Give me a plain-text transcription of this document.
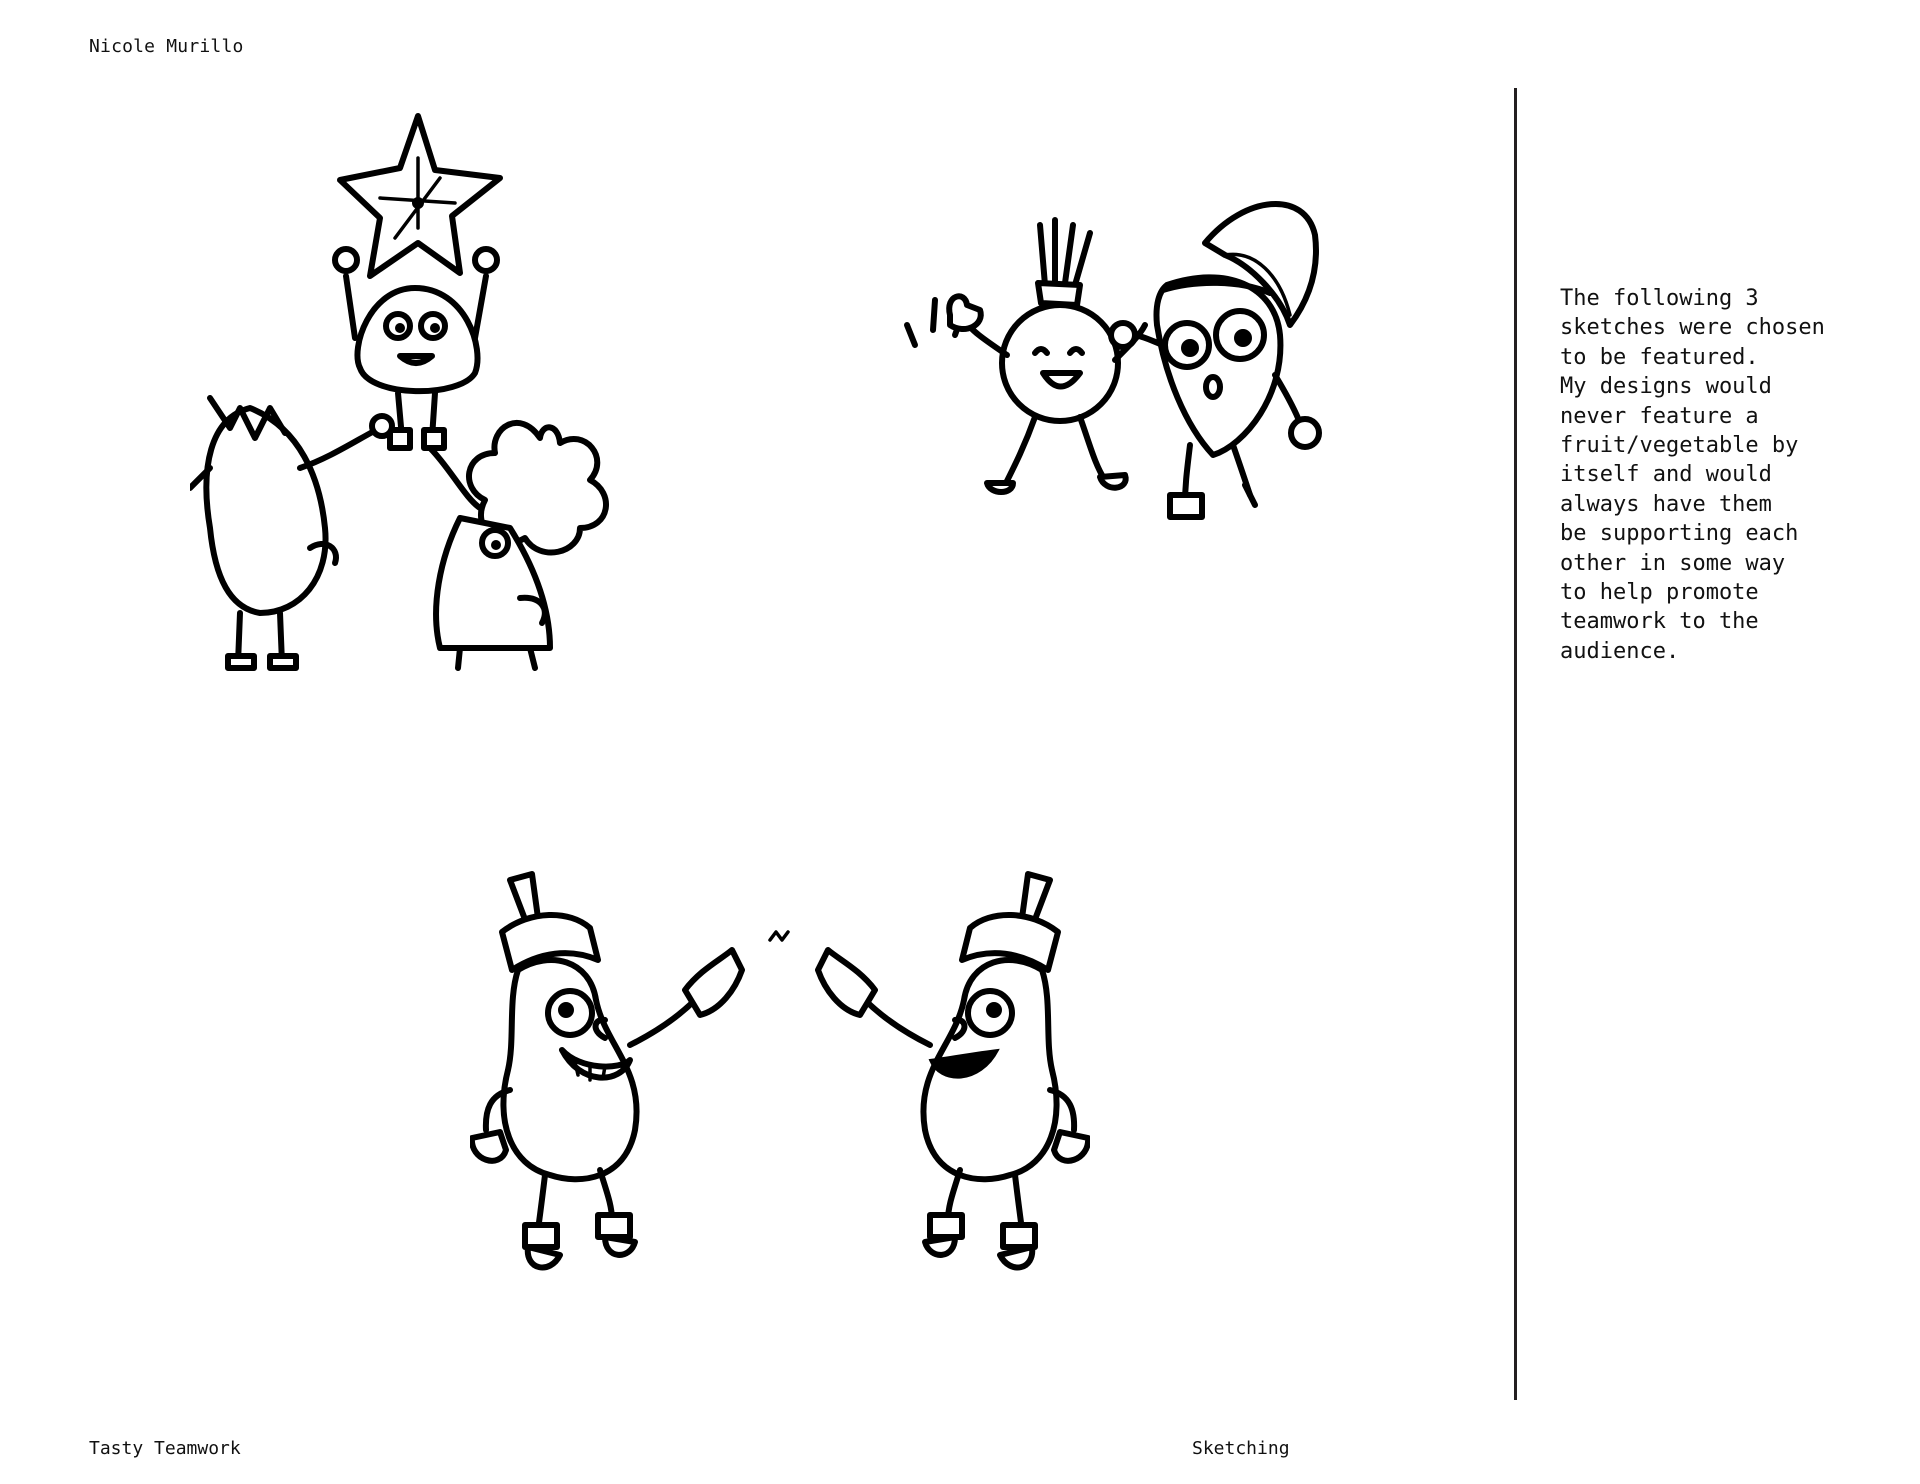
Nicole Murillo
The following 3
sketches were chosen
to be featured.
My designs would
never feature a
fruit/vegetable by
itself and would
always have them
be supporting each
other in some way
to help promote
teamwork to the
audience.
Tasty Teamwork	Sketching
